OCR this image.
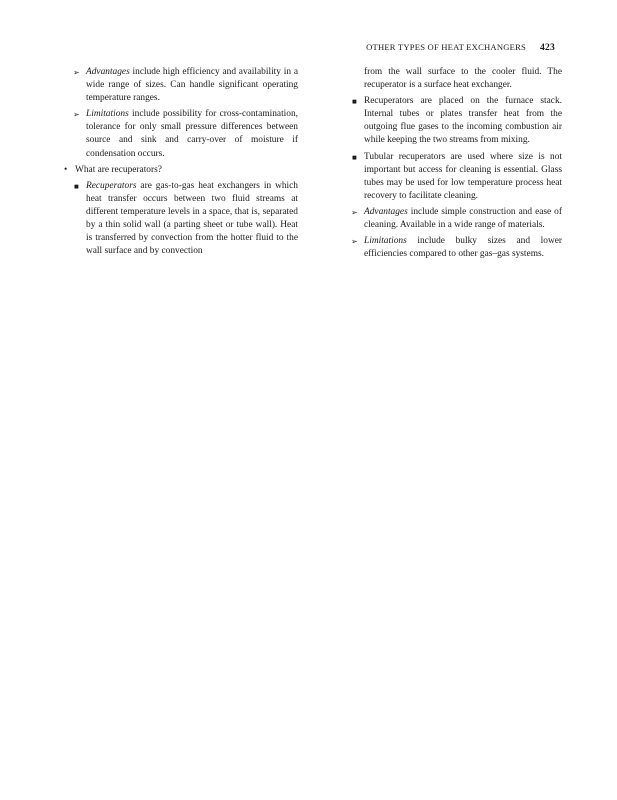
OTHER TYPES OF HEAT EXCHANGERS 423
➢ Advantages include high efficiency and availability in a wide range of sizes. Can handle significant operating temperature ranges.
➢ Limitations include possibility for cross-contamination, tolerance for only small pressure differences between source and sink and carry-over of moisture if condensation occurs.
• What are recuperators?
■ Recuperators are gas-to-gas heat exchangers in which heat transfer occurs between two fluid streams at different temperature levels in a space, that is, separated by a thin solid wall (a parting sheet or tube wall). Heat is transferred by convection from the hotter fluid to the wall surface and by convection
from the wall surface to the cooler fluid. The recuperator is a surface heat exchanger.
■ Recuperators are placed on the furnace stack. Internal tubes or plates transfer heat from the outgoing flue gases to the incoming combustion air while keeping the two streams from mixing.
■ Tubular recuperators are used where size is not important but access for cleaning is essential. Glass tubes may be used for low temperature process heat recovery to facilitate cleaning.
➢ Advantages include simple construction and ease of cleaning. Available in a wide range of materials.
➢ Limitations include bulky sizes and lower efficiencies compared to other gas–gas systems.
